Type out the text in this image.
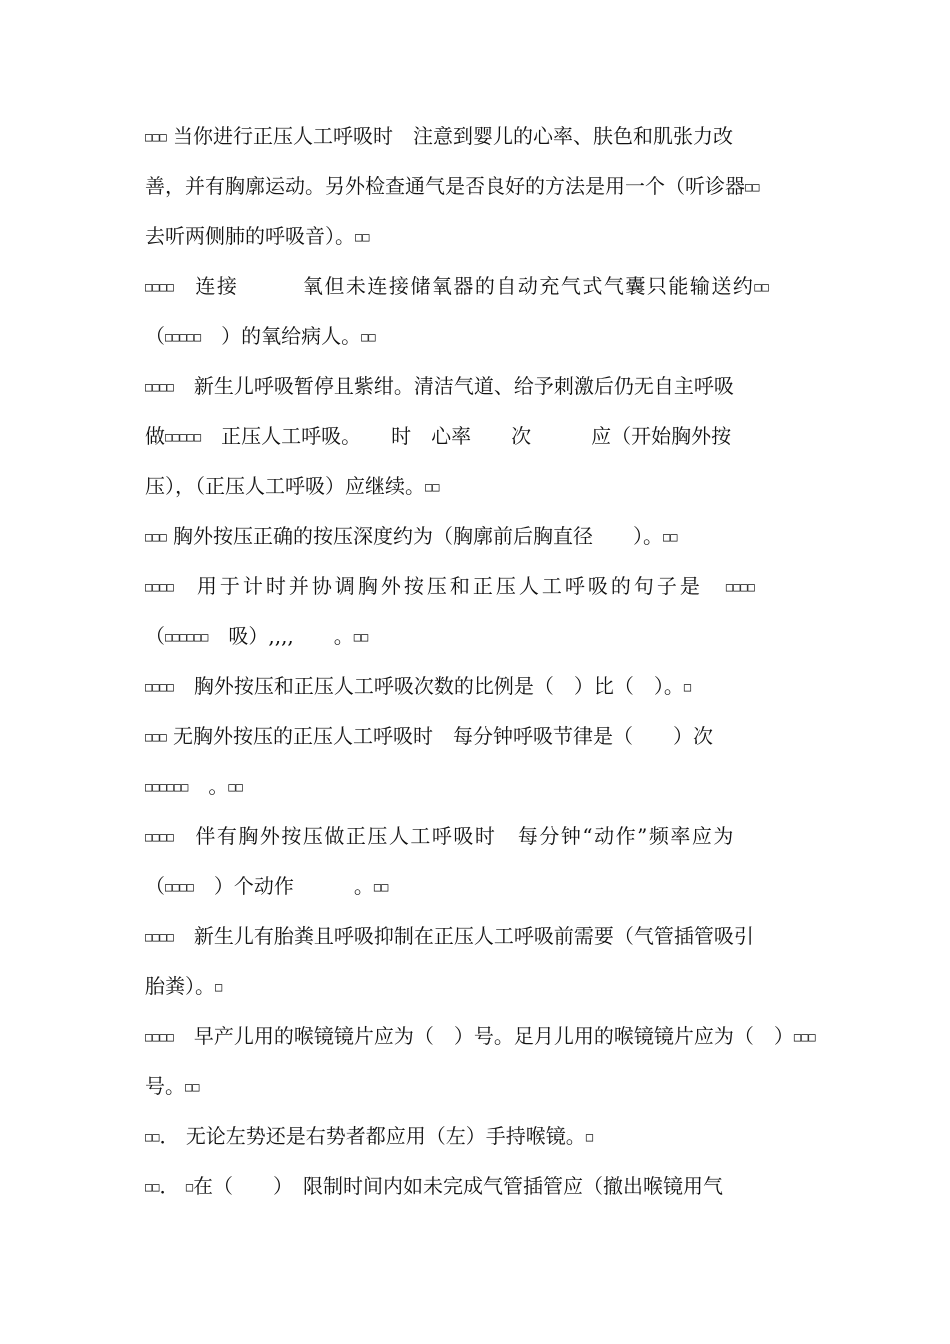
□□□ 当你进行正压人工呼吸时　注意到婴儿的心率、肤色和肌张力改
善，并有胸廓运动。另外检查通气是否良好的方法是用一个（听诊器□□
去听两侧肺的呼吸音）。□□
□□□□　 连接　　　氧但未连接储氧器的自动充气式气囊只能输送约□□
（□□□□□　）的氧给病人。□□
□□□□　 新生儿呼吸暂停且紫绀。清洁气道、给予刺激后仍无自主呼吸
做□□□□□　 正压人工呼吸。　　时　心率　　次　　　应（开始胸外按
压），（正压人工呼吸）应继续。□□
□□□ 胸外按压正确的按压深度约为（胸廓前后胸直径　　）。□□
□□□□　 用于计时并协调胸外按压和正压人工呼吸的句子是　 □□□□
（□□□□□□　 吸）,,,,　　。□□
□□□□　 胸外按压和正压人工呼吸次数的比例是（　）比（　）。□
□□□ 无胸外按压的正压人工呼吸时　每分钟呼吸节律是（　　）次
□□□□□□　。□□
□□□□　 伴有胸外按压做正压人工呼吸时　每分钟“动作”频率应为
（□□□□　 ）个动作　　　。□□
□□□□　 新生儿有胎粪且呼吸抑制在正压人工呼吸前需要（气管插管吸引
胎粪）。□
□□□□　 早产儿用的喉镜镜片应为（　）号。足月儿用的喉镜镜片应为（　）□□□
号。□□
□□． 无论左势还是右势者都应用（左）手持喉镜。□
□□． □在（　　）　限制时间内如未完成气管插管应（撤出喉镜用气
